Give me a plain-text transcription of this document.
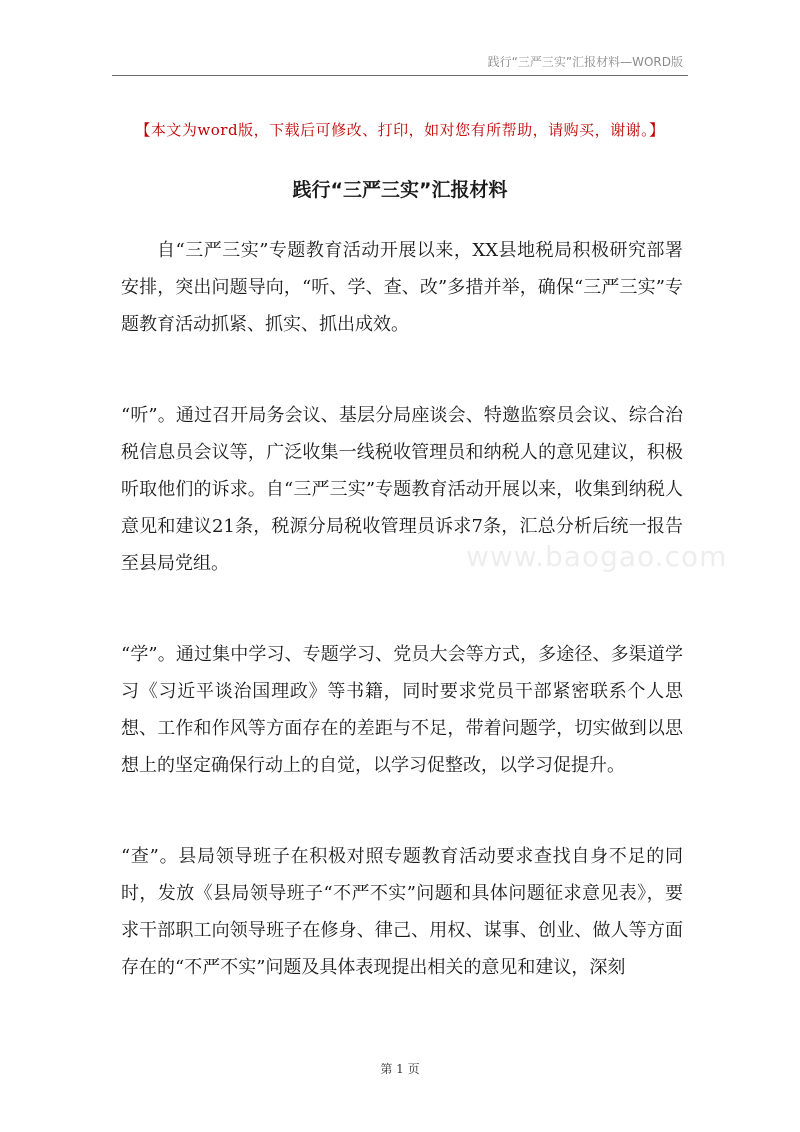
践行“三严三实”汇报材料—WORD版
【本文为word版，下载后可修改、打印，如对您有所帮助，请购买，谢谢。】
践行“三严三实”汇报材料
www.baogao.com

自“三严三实”专题教育活动开展以来，XX县地税局积极研究部署安排，突出问题导向，“听、学、查、改”多措并举，确保“三严三实”专题教育活动抓紧、抓实、抓出成效。

“听”。通过召开局务会议、基层分局座谈会、特邀监察员会议、综合治税信息员会议等，广泛收集一线税收管理员和纳税人的意见建议，积极听取他们的诉求。自“三严三实”专题教育活动开展以来，收集到纳税人意见和建议21条，税源分局税收管理员诉求7条，汇总分析后统一报告至县局党组。

“学”。通过集中学习、专题学习、党员大会等方式，多途径、多渠道学习《习近平谈治国理政》等书籍，同时要求党员干部紧密联系个人思想、工作和作风等方面存在的差距与不足，带着问题学，切实做到以思想上的坚定确保行动上的自觉，以学习促整改，以学习促提升。

“查”。县局领导班子在积极对照专题教育活动要求查找自身不足的同时，发放《县局领导班子“不严不实”问题和具体问题征求意见表》，要求干部职工向领导班子在修身、律己、用权、谋事、创业、做人等方面存在的“不严不实”问题及具体表现提出相关的意见和建议，深刻

第 1 页
